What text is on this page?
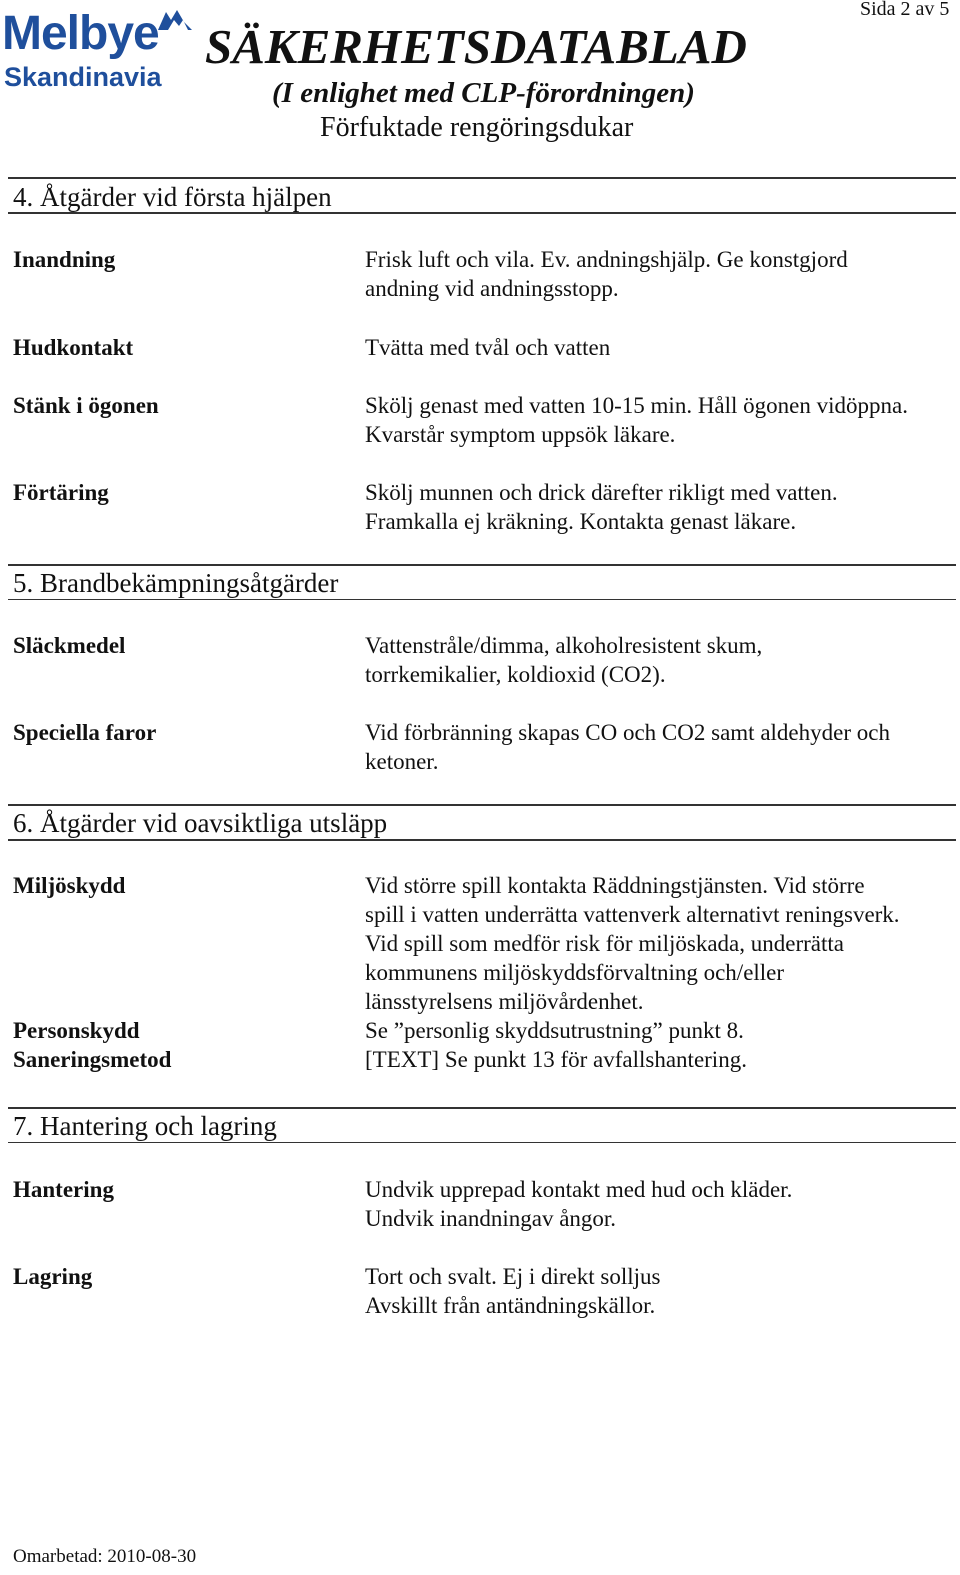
Melbye
Skandinavia
SÄKERHETSDATABLAD
(I enlighet med CLP-förordningen)
Förfuktade rengöringsdukar
Sida 2 av 5
4. Åtgärder vid första hjälpen
Inandning	Frisk luft och vila. Ev. andningshjälp. Ge konstgjord
andning vid andningsstopp.
Hudkontakt	Tvätta med tvål och vatten
Stänk i ögonen	Skölj genast med vatten 10-15 min. Håll ögonen vidöppna.
Kvarstår symptom uppsök läkare.
Förtäring	Skölj munnen och drick därefter rikligt med vatten.
Framkalla ej kräkning. Kontakta genast läkare.
5. Brandbekämpningsåtgärder
Släckmedel	Vattenstråle/dimma, alkoholresistent skum,
torrkemikalier, koldioxid (CO2).
Speciella faror	Vid förbränning skapas CO och CO2 samt aldehyder och
ketoner.
6. Åtgärder vid oavsiktliga utsläpp
Miljöskydd	Vid större spill kontakta Räddningstjänsten. Vid större
spill i vatten underrätta vattenverk alternativt reningsverk.
Vid spill som medför risk för miljöskada, underrätta
kommunens miljöskyddsförvaltning och/eller
länsstyrelsens miljövårdenhet.
Personskydd	Se ”personlig skyddsutrustning” punkt 8.
Saneringsmetod	[TEXT] Se punkt 13 för avfallshantering.
7. Hantering och lagring
Hantering	Undvik upprepad kontakt med hud och kläder.
Undvik inandningav ångor.
Lagring	Tort och svalt. Ej i direkt solljus
Avskillt från antändningskällor.
Omarbetad: 2010-08-30
